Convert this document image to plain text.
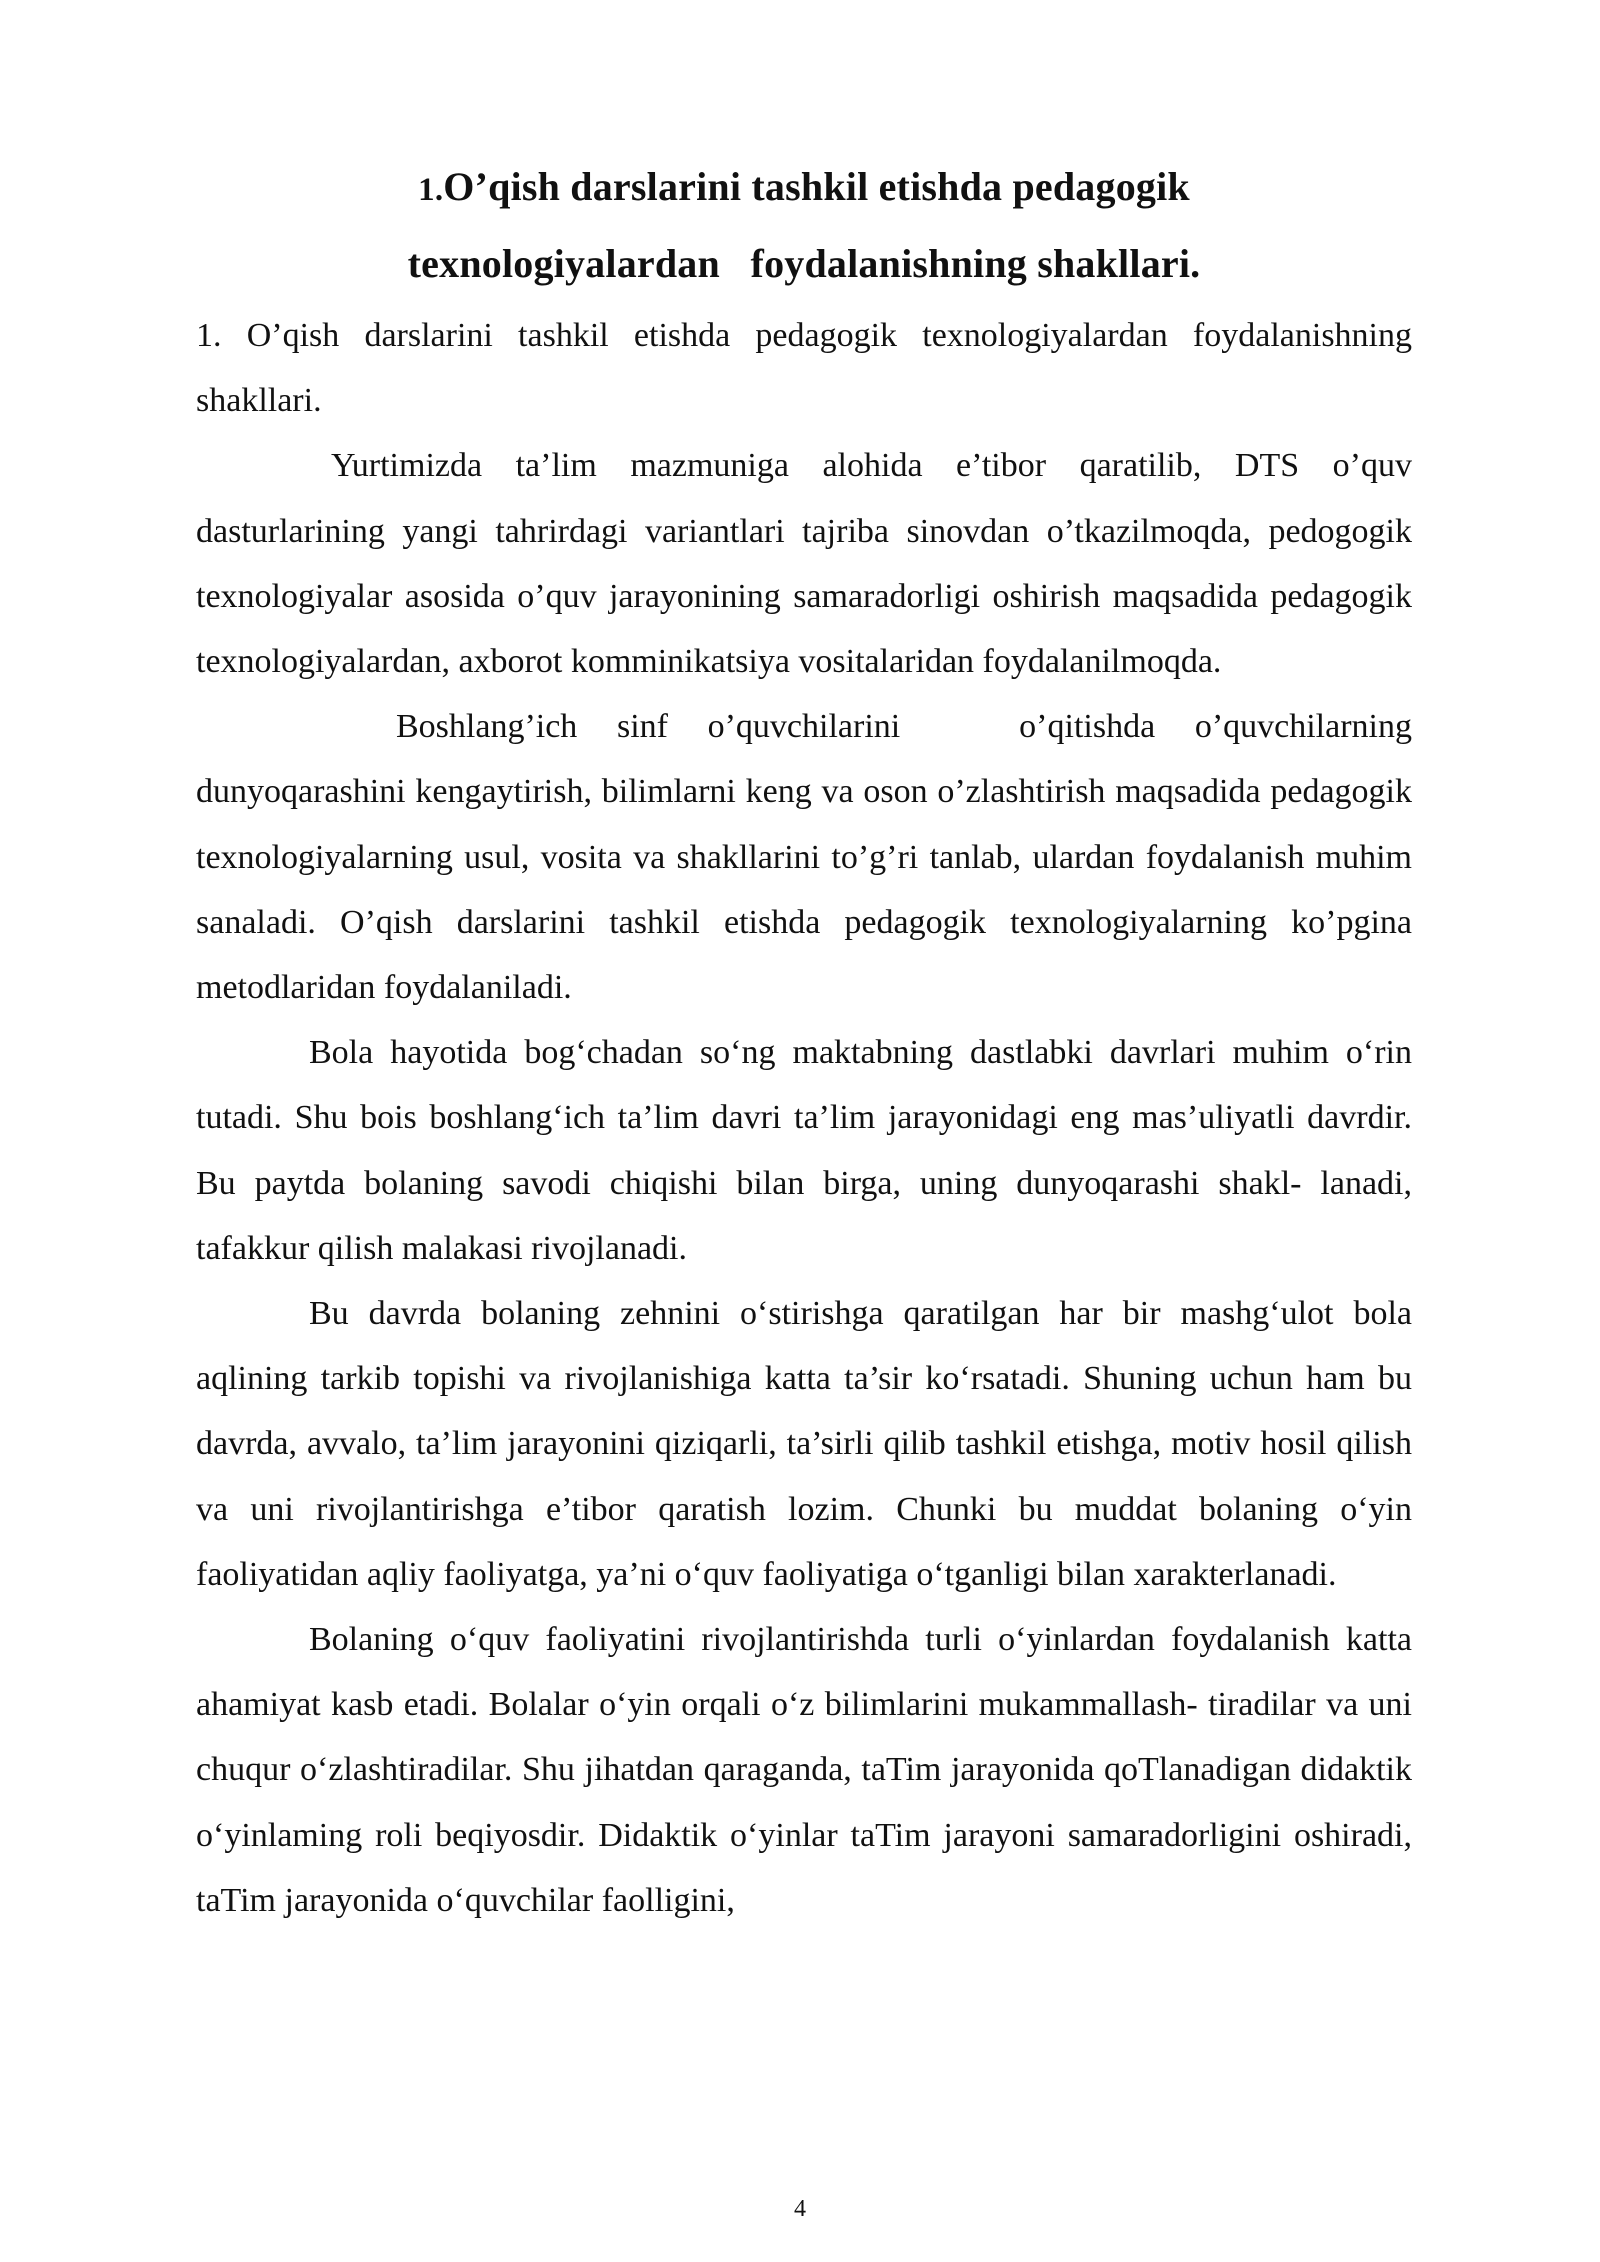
1.O’qish darslarini tashkil etishda pedagogik
texnologiyalardan   foydalanishning shakllari.

1. O’qish darslarini tashkil etishda pedagogik texnologiyalardan foydalanishning shakllari.

Yurtimizda ta’lim mazmuniga alohida e’tibor qaratilib, DTS o’quv dasturlarining yangi tahrirdagi variantlari tajriba sinovdan o’tkazilmoqda, pedogogik texnologiyalar asosida o’quv jarayonining samaradorligi oshirish maqsadida pedagogik texnologiyalardan, axborot komminikatsiya vositalaridan foydalanilmoqda.

Boshlang’ich sinf o’quvchilarini   o’qitishda o’quvchilarning dunyoqarashini kengaytirish, bilimlarni keng va oson o’zlashtirish maqsadida pedagogik texnologiyalarning usul, vosita va shakllarini to’g’ri tanlab, ulardan foydalanish muhim sanaladi. O’qish darslarini tashkil etishda pedagogik texnologiyalarning ko’pgina metodlaridan foydalaniladi.

Bola hayotida bog‘chadan so‘ng maktabning dastlabki davrlari muhim o‘rin tutadi. Shu bois boshlang‘ich ta’lim davri ta’lim jarayonidagi eng mas’uliyatli davrdir. Bu paytda bolaning savodi chiqishi bilan birga, uning dunyoqarashi shakl- lanadi, tafakkur qilish malakasi rivojlanadi.

Bu davrda bolaning zehnini o‘stirishga qaratilgan har bir mashg‘ulot bola aqlining tarkib topishi va rivojlanishiga katta ta’sir ko‘rsatadi. Shuning uchun ham bu davrda, avvalo, ta’lim jarayonini qiziqarli, ta’sirli qilib tashkil etishga, motiv hosil qilish va uni rivojlantirishga e’tibor qaratish lozim. Chunki bu muddat bolaning o‘yin faoliyatidan aqliy faoliyatga, ya’ni o‘quv faoliyatiga o‘tganligi bilan xarakterlanadi.

Bolaning o‘quv faoliyatini rivojlantirishda turli o‘yinlardan foydalanish katta ahamiyat kasb etadi. Bolalar o‘yin orqali o‘z bilimlarini mukammallash- tiradilar va uni chuqur o‘zlashtiradilar. Shu jihatdan qaraganda, taTim jarayonida qoTlanadigan didaktik o‘yinlaming roli beqiyosdir. Didaktik o‘yinlar taTim jarayoni samaradorligini oshiradi, taTim jarayonida o‘quvchilar faolligini,

4
